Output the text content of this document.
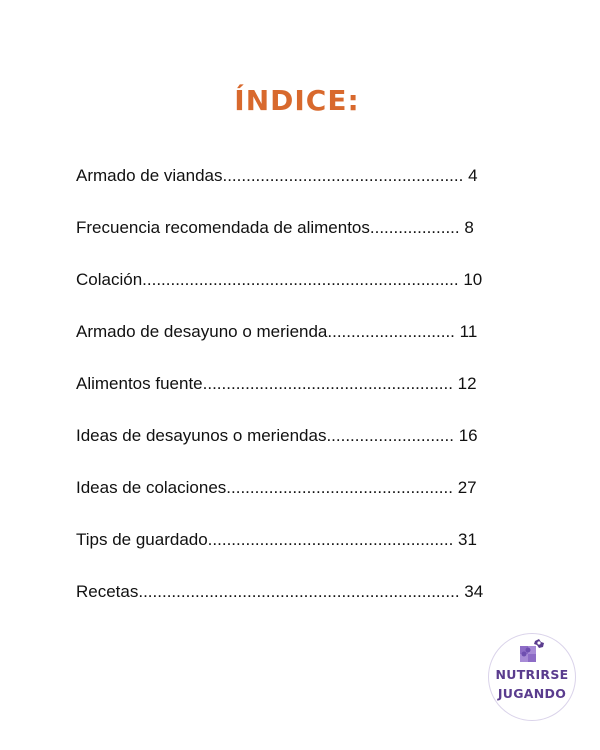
ÍNDICE:
Armado de viandas................................................... 4
Frecuencia recomendada de alimentos................... 8
Colación................................................................... 10
Armado de desayuno o merienda........................... 11
Alimentos fuente..................................................... 12
Ideas de desayunos o meriendas........................... 16
Ideas de colaciones................................................ 27
Tips de guardado.................................................... 31
Recetas.................................................................... 34
NUTRIRSE
JUGANDO
